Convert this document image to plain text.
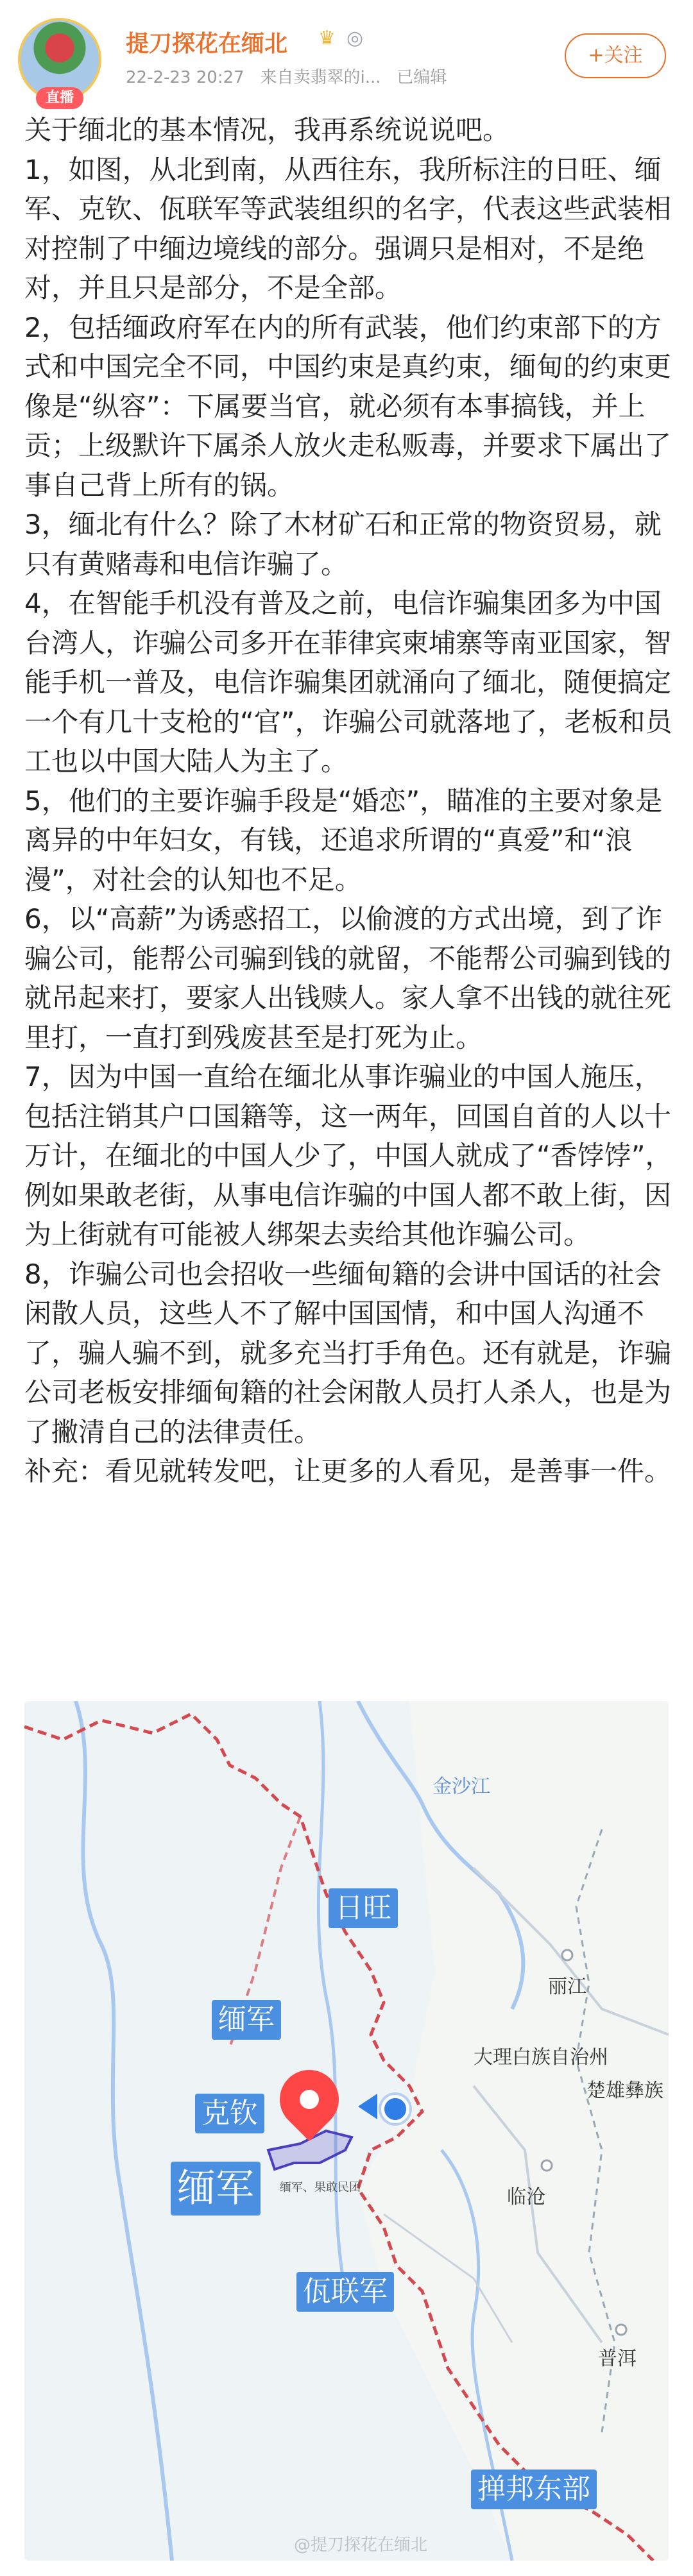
直播
提刀探花在缅北 ♛ ◎
22-2-23 20:27 来自卖翡翠的i... 已编辑
+关注

关于缅北的基本情况，我再系统说说吧。

1，如图，从北到南，从西往东，我所标注的日旺、缅军、克钦、佤联军等武装组织的名字，代表这些武装相对控制了中缅边境线的部分。强调只是相对，不是绝对，并且只是部分，不是全部。

2，包括缅政府军在内的所有武装，他们约束部下的方式和中国完全不同，中国约束是真约束，缅甸的约束更像是“纵容”：下属要当官，就必须有本事搞钱，并上贡；上级默许下属杀人放火走私贩毒，并要求下属出了事自己背上所有的锅。

3，缅北有什么？除了木材矿石和正常的物资贸易，就只有黄赌毒和电信诈骗了。

4，在智能手机没有普及之前，电信诈骗集团多为中国台湾人，诈骗公司多开在菲律宾柬埔寨等南亚国家，智能手机一普及，电信诈骗集团就涌向了缅北，随便搞定一个有几十支枪的“官”，诈骗公司就落地了，老板和员工也以中国大陆人为主了。

5，他们的主要诈骗手段是“婚恋”，瞄准的主要对象是离异的中年妇女，有钱，还追求所谓的“真爱”和“浪漫”，对社会的认知也不足。

6，以“高薪”为诱惑招工，以偷渡的方式出境，到了诈骗公司，能帮公司骗到钱的就留，不能帮公司骗到钱的就吊起来打，要家人出钱赎人。家人拿不出钱的就往死里打，一直打到残废甚至是打死为止。

7，因为中国一直给在缅北从事诈骗业的中国人施压，包括注销其户口国籍等，这一两年，回国自首的人以十万计，在缅北的中国人少了，中国人就成了“香饽饽”，例如果敢老街，从事电信诈骗的中国人都不敢上街，因为上街就有可能被人绑架去卖给其他诈骗公司。

8，诈骗公司也会招收一些缅甸籍的会讲中国话的社会闲散人员，这些人不了解中国国情，和中国人沟通不了，骗人骗不到，就多充当打手角色。还有就是，诈骗公司老板安排缅甸籍的社会闲散人员打人杀人，也是为了撇清自己的法律责任。

补充：看见就转发吧，让更多的人看见，是善事一件。

金沙江
丽江
大理白族自治州
楚雄彝族
临沧
普洱
缅军、果敢民团
日旺
缅军
克钦
缅军
佤联军
掸邦东部
@提刀探花在缅北
